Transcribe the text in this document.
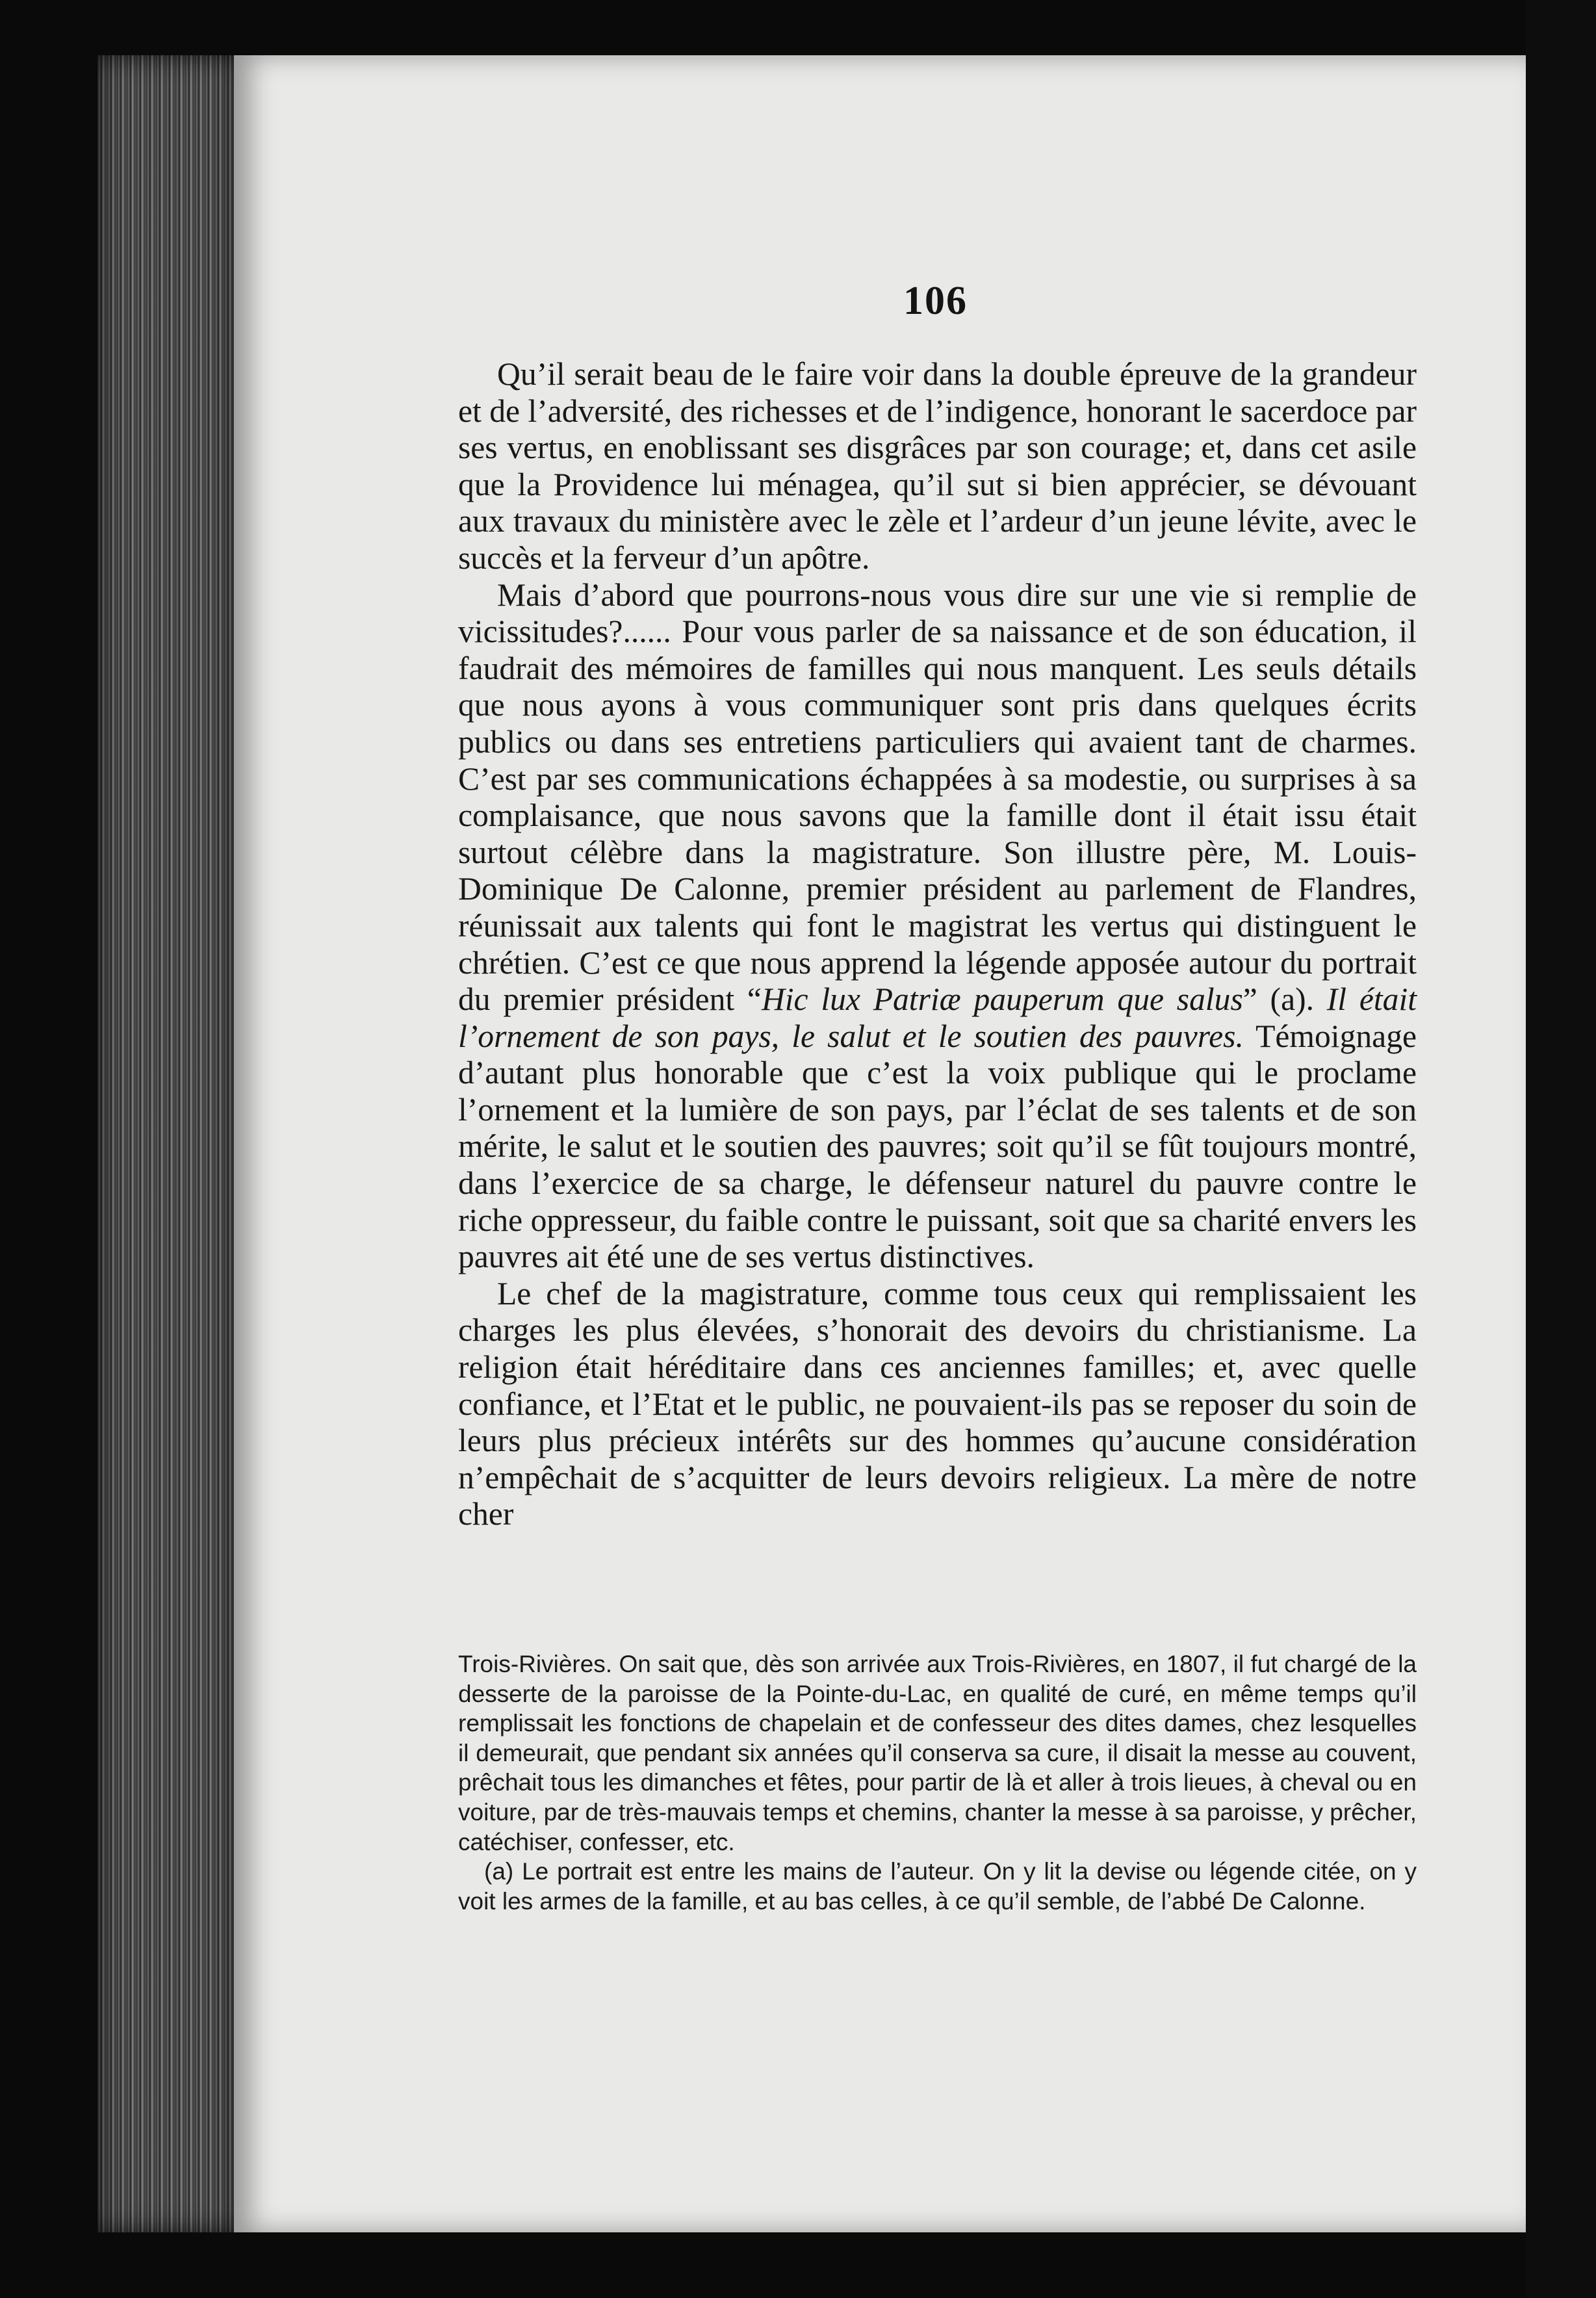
106

Qu’il serait beau de le faire voir dans la double épreuve de la grandeur et de l’adversité, des richesses et de l’indigence, honorant le sacerdoce par ses vertus, en enoblissant ses disgrâces par son courage; et, dans cet asile que la Providence lui ménagea, qu’il sut si bien apprécier, se dévouant aux travaux du ministère avec le zèle et l’ardeur d’un jeune lévite, avec le succès et la ferveur d’un apôtre.

Mais d’abord que pourrons-nous vous dire sur une vie si remplie de vicissitudes?...... Pour vous parler de sa naissance et de son éducation, il faudrait des mémoires de familles qui nous manquent. Les seuls détails que nous ayons à vous communiquer sont pris dans quelques écrits publics ou dans ses entretiens particuliers qui avaient tant de charmes. C’est par ses communications échappées à sa modestie, ou surprises à sa complaisance, que nous savons que la famille dont il était issu était surtout célèbre dans la magistrature. Son illustre père, M. Louis-Dominique De Calonne, premier président au parlement de Flandres, réunissait aux talents qui font le magistrat les vertus qui distinguent le chrétien. C’est ce que nous apprend la légende apposée autour du portrait du premier président “Hic lux Patriæ pauperum que salus” (a). Il était l’ornement de son pays, le salut et le soutien des pauvres. Témoignage d’autant plus honorable que c’est la voix publique qui le proclame l’ornement et la lumière de son pays, par l’éclat de ses talents et de son mérite, le salut et le soutien des pauvres; soit qu’il se fût toujours montré, dans l’exercice de sa charge, le défenseur naturel du pauvre contre le riche oppresseur, du faible contre le puissant, soit que sa charité envers les pauvres ait été une de ses vertus distinctives.

Le chef de la magistrature, comme tous ceux qui remplissaient les charges les plus élevées, s’honorait des devoirs du christianisme. La religion était héréditaire dans ces anciennes familles; et, avec quelle confiance, et l’Etat et le public, ne pouvaient-ils pas se reposer du soin de leurs plus précieux intérêts sur des hommes qu’aucune considération n’empêchait de s’acquitter de leurs devoirs religieux. La mère de notre cher

Trois-Rivières. On sait que, dès son arrivée aux Trois-Rivières, en 1807, il fut chargé de la desserte de la paroisse de la Pointe-du-Lac, en qualité de curé, en même temps qu’il remplissait les fonctions de chapelain et de confesseur des dites dames, chez lesquelles il demeurait, que pendant six années qu’il conserva sa cure, il disait la messe au couvent, prêchait tous les dimanches et fêtes, pour partir de là et aller à trois lieues, à cheval ou en voiture, par de très-mauvais temps et chemins, chanter la messe à sa paroisse, y prêcher, catéchiser, confesser, etc.

(a) Le portrait est entre les mains de l’auteur. On y lit la devise ou légende citée, on y voit les armes de la famille, et au bas celles, à ce qu’il semble, de l’abbé De Calonne.
